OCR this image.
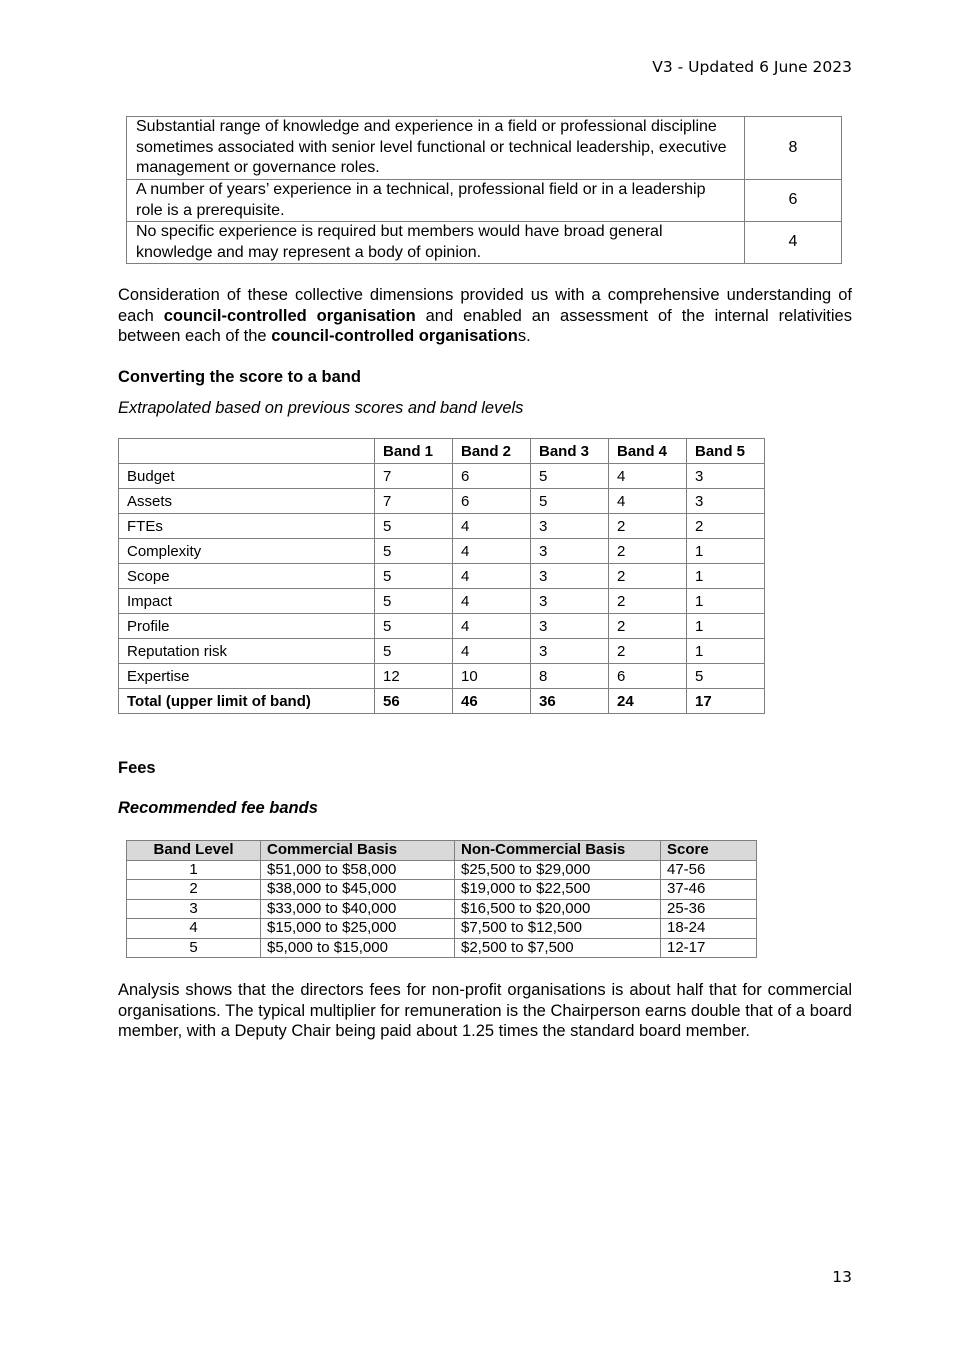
V3 - Updated 6 June 2023
Substantial range of knowledge and experience in a field or professional discipline sometimes associated with senior level functional or technical leadership, executive management or governance roles.	8
A number of years’ experience in a technical, professional field or in a leadership role is a prerequisite.	6
No specific experience is required but members would have broad general knowledge and may represent a body of opinion.	4

Consideration of these collective dimensions provided us with a comprehensive understanding of each council-controlled organisation and enabled an assessment of the internal relativities between each of the council-controlled organisations.

Converting the score to a band

Extrapolated based on previous scores and band levels

	Band 1	Band 2	Band 3	Band 4	Band 5
Budget	7	6	5	4	3
Assets	7	6	5	4	3
FTEs	5	4	3	2	2
Complexity	5	4	3	2	1
Scope	5	4	3	2	1
Impact	5	4	3	2	1
Profile	5	4	3	2	1
Reputation risk	5	4	3	2	1
Expertise	12	10	8	6	5
Total (upper limit of band)	56	46	36	24	17

Fees

Recommended fee bands

Band Level	Commercial Basis	Non-Commercial Basis	Score
1	$51,000 to $58,000	$25,500 to $29,000	47-56
2	$38,000 to $45,000	$19,000 to $22,500	37-46
3	$33,000 to $40,000	$16,500 to $20,000	25-36
4	$15,000 to $25,000	$7,500 to $12,500	18-24
5	$5,000 to $15,000	$2,500 to $7,500	12-17

Analysis shows that the directors fees for non-profit organisations is about half that for commercial organisations. The typical multiplier for remuneration is the Chairperson earns double that of a board member, with a Deputy Chair being paid about 1.25 times the standard board member.

13
